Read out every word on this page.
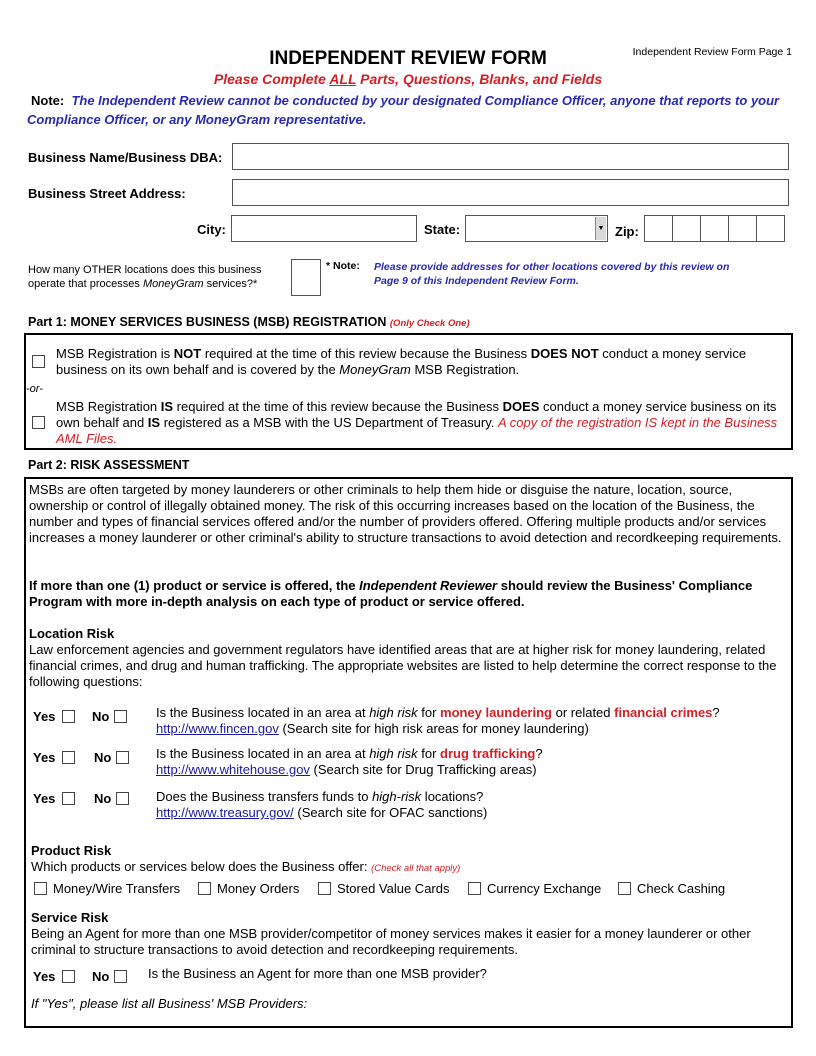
INDEPENDENT REVIEW FORM	Independent Review Form Page 1
Please Complete ALL Parts, Questions, Blanks, and Fields
Note: The Independent Review cannot be conducted by your designated Compliance Officer, anyone that reports to your Compliance Officer, or any MoneyGram representative.
Business Name/Business DBA:
Business Street Address:
City:	State:	▼ Zip:
How many OTHER locations does this business operate that processes MoneyGram services?*
* Note: Please provide addresses for other locations covered by this review on Page 9 of this Independent Review Form.
Part 1: MONEY SERVICES BUSINESS (MSB) REGISTRATION (Only Check One)
MSB Registration is NOT required at the time of this review because the Business DOES NOT conduct a money service business on its own behalf and is covered by the MoneyGram MSB Registration.
-or-
MSB Registration IS required at the time of this review because the Business DOES conduct a money service business on its own behalf and IS registered as a MSB with the US Department of Treasury. A copy of the registration IS kept in the Business AML Files.
Part 2: RISK ASSESSMENT
MSBs are often targeted by money launderers or other criminals to help them hide or disguise the nature, location, source, ownership or control of illegally obtained money. The risk of this occurring increases based on the location of the Business, the number and types of financial services offered and/or the number of providers offered. Offering multiple products and/or services increases a money launderer or other criminal's ability to structure transactions to avoid detection and recordkeeping requirements.
If more than one (1) product or service is offered, the Independent Reviewer should review the Business' Compliance Program with more in-depth analysis on each type of product or service offered.
Location Risk
Law enforcement agencies and government regulators have identified areas that are at higher risk for money laundering, related financial crimes, and drug and human trafficking. The appropriate websites are listed to help determine the correct response to the following questions:
Yes	No	Is the Business located in an area at high risk for money laundering or related financial crimes?
http://www.fincen.gov (Search site for high risk areas for money laundering)
Yes	No	Is the Business located in an area at high risk for drug trafficking?
http://www.whitehouse.gov (Search site for Drug Trafficking areas)
Yes	No	Does the Business transfers funds to high-risk locations?
http://www.treasury.gov/ (Search site for OFAC sanctions)
Product Risk
Which products or services below does the Business offer: (Check all that apply)
Money/Wire Transfers	Money Orders	Stored Value Cards	Currency Exchange	Check Cashing
Service Risk
Being an Agent for more than one MSB provider/competitor of money services makes it easier for a money launderer or other criminal to structure transactions to avoid detection and recordkeeping requirements.
Yes	No	Is the Business an Agent for more than one MSB provider?
If "Yes", please list all Business' MSB Providers:
